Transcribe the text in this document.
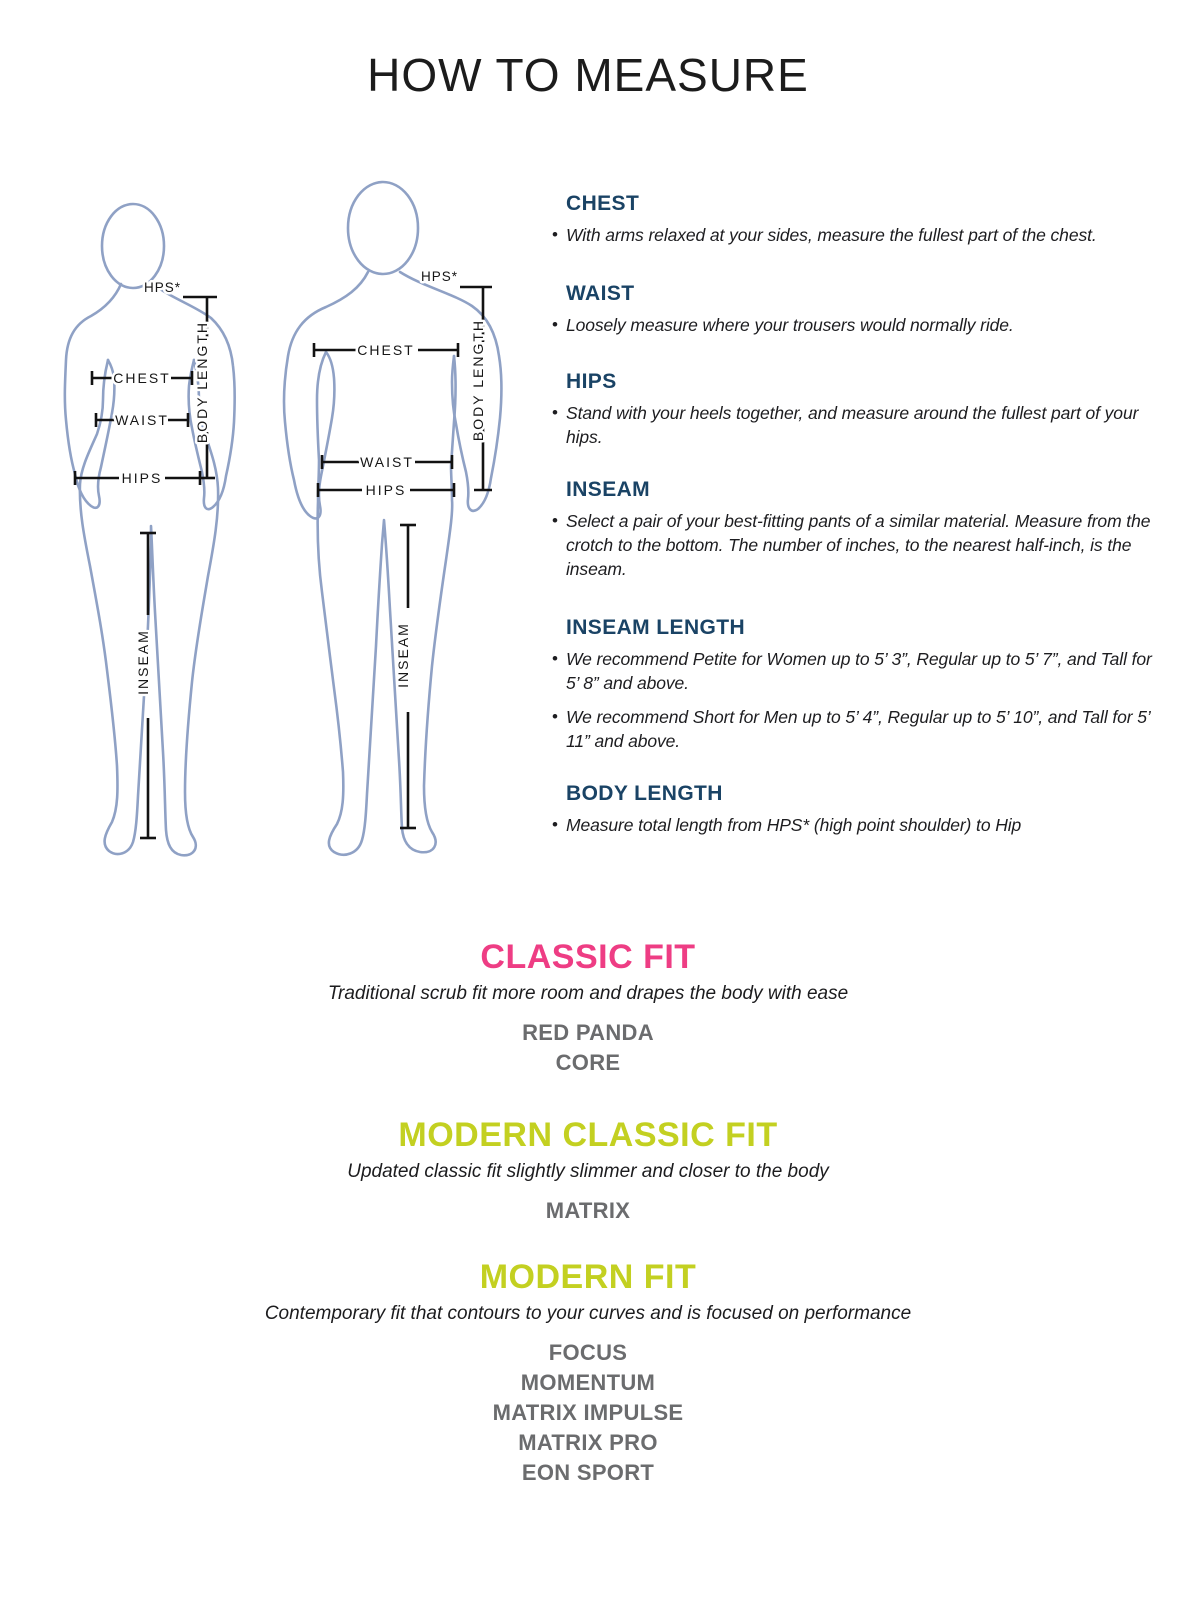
HOW TO MEASURE
CHEST
WAIST
HIPS
BODY LENGTH
HPS*
INSEAM
CHEST
WAIST
HIPS
BODY LENGTH
HPS*
INSEAM
CHEST
• With arms relaxed at your sides, measure the fullest part of the chest.
WAIST
• Loosely measure where your trousers would normally ride.
HIPS
• Stand with your heels together, and measure around the fullest part of your hips.
INSEAM
• Select a pair of your best-fitting pants of a similar material. Measure from the crotch to the bottom. The number of inches, to the nearest half-inch, is the inseam.
INSEAM LENGTH
• We recommend Petite for Women up to 5’ 3”, Regular up to 5’ 7”, and Tall for 5’ 8” and above.
• We recommend Short for Men up to 5’ 4”, Regular up to 5’ 10”, and Tall for 5’ 11” and above.
BODY LENGTH
• Measure total length from HPS* (high point shoulder) to Hip
CLASSIC FIT
Traditional scrub fit more room and drapes the body with ease
RED PANDA
CORE
MODERN CLASSIC FIT
Updated classic fit slightly slimmer and closer to the body
MATRIX
MODERN FIT
Contemporary fit that contours to your curves and is focused on performance
FOCUS
MOMENTUM
MATRIX IMPULSE
MATRIX PRO
EON SPORT
